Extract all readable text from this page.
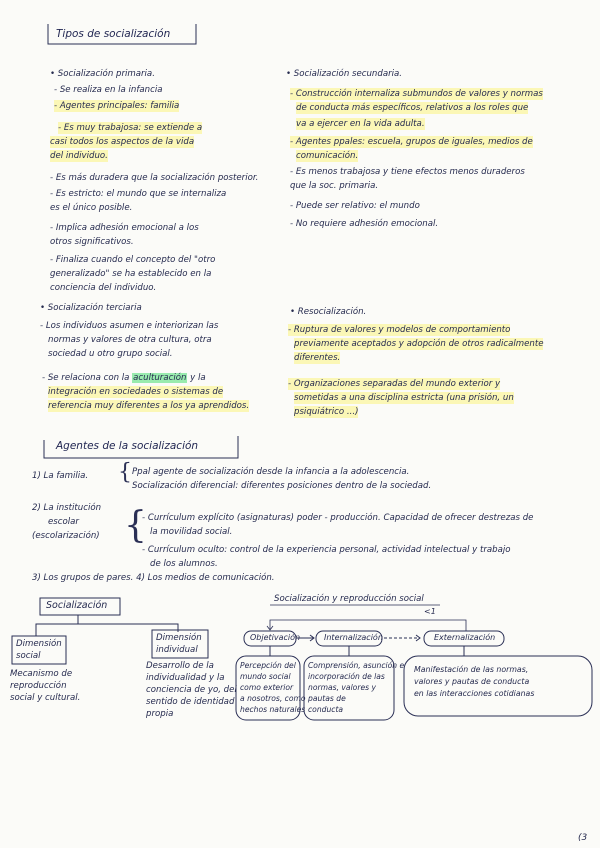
Tipos de socialización
• Socialización primaria.
- Se realiza en la infancia
- Agentes principales: familia
- Es muy trabajosa: se extiende a
casi todos los aspectos de la vida
del individuo.
- Es más duradera que la socialización posterior.
- Es estricto: el mundo que se internaliza
es el único posible.
- Implica adhesión emocional a los
otros significativos.
- Finaliza cuando el concepto del "otro
generalizado" se ha establecido en la
conciencia del individuo.
• Socialización secundaria.
- Construcción internaliza submundos de valores y normas
de conducta más específicos, relativos a los roles que
va a ejercer en la vida adulta.
- Agentes ppales: escuela, grupos de iguales, medios de
comunicación.
- Es menos trabajosa y tiene efectos menos duraderos
que la soc. primaria.
- Puede ser relativo: el mundo
- No requiere adhesión emocional.
• Socialización terciaria
- Los individuos asumen e interiorizan las
normas y valores de otra cultura, otra
sociedad u otro grupo social.
- Se relaciona con la aculturación y la
integración en sociedades o sistemas de
referencia muy diferentes a los ya aprendidos.
• Resocialización.
- Ruptura de valores y modelos de comportamiento
previamente aceptados y adopción de otros radicalmente
diferentes.
- Organizaciones separadas del mundo exterior y
sometidas a una disciplina estricta (una prisión, un
psiquiátrico ...)
Agentes de la socialización
1) La familia. { Ppal agente de socialización desde la infancia a la adolescencia.
Socialización diferencial: diferentes posiciones dentro de la sociedad.
2) La institución
escolar
(escolarización) {
- Currículum explícito (asignaturas) poder - producción. Capacidad de ofrecer destrezas de
la movilidad social.
- Currículum oculto: control de la experiencia personal, actividad intelectual y trabajo
de los alumnos.
3) Los grupos de pares. 4) Los medios de comunicación.
Socialización
Socialización y reproducción social
Dimensión
social
Mecanismo de
reproducción
social y cultural.
Dimensión
individual
Desarrollo de la
individualidad y la
conciencia de yo, del
sentido de identidad
propia
Objetivación	Internalización	Externalización
<1
Percepción del
mundo social
como exterior
a nosotros, como
hechos naturales
Comprensión, asunción e
incorporación de las
normas, valores y
pautas de
conducta
Manifestación de las normas,
valores y pautas de conducta
en las interacciones cotidianas
(3
